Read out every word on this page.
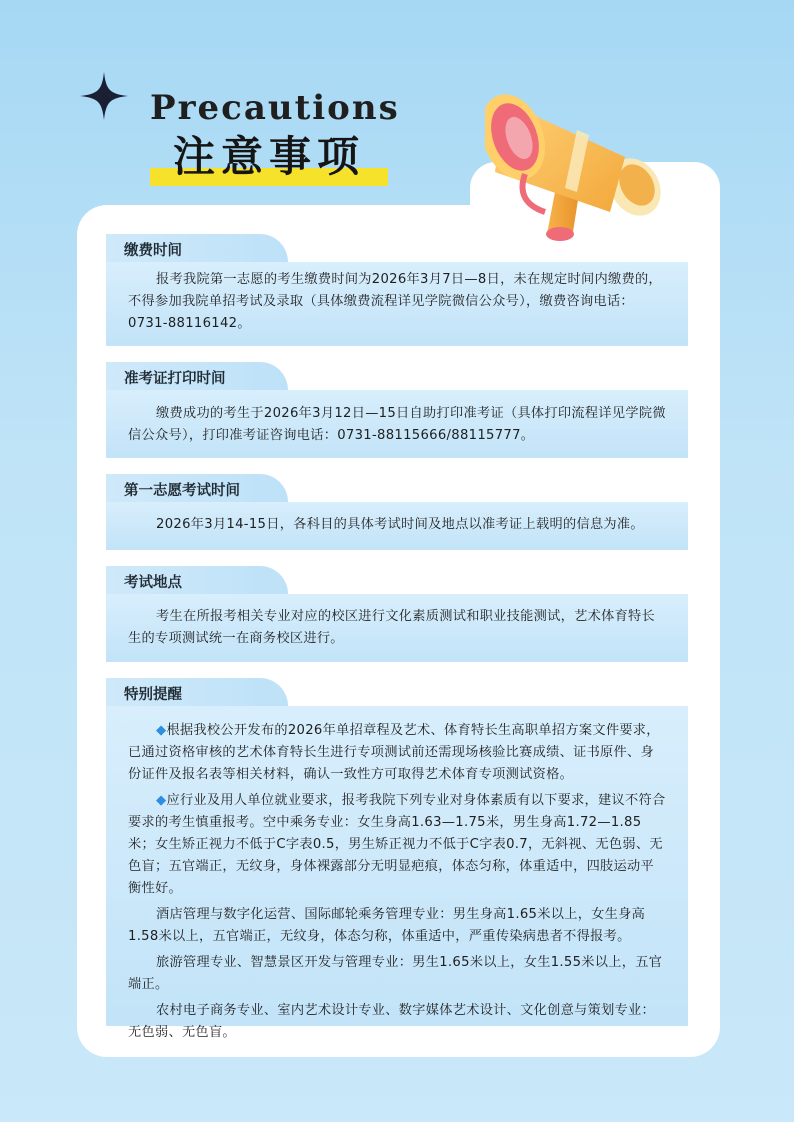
Precautions
注意事项
缴费时间

报考我院第一志愿的考生缴费时间为2026年3月7日—8日，未在规定时间内缴费的，不得参加我院单招考试及录取（具体缴费流程详见学院微信公众号），缴费咨询电话：0731-88116142。

准考证打印时间

缴费成功的考生于2026年3月12日—15日自助打印准考证（具体打印流程详见学院微信公众号），打印准考证咨询电话：0731-88115666/88115777。

第一志愿考试时间

2026年3月14-15日，各科目的具体考试时间及地点以准考证上载明的信息为准。

考试地点

考生在所报考相关专业对应的校区进行文化素质测试和职业技能测试，艺术体育特长生的专项测试统一在商务校区进行。

特别提醒

◆根据我校公开发布的2026年单招章程及艺术、体育特长生高职单招方案文件要求，已通过资格审核的艺术体育特长生进行专项测试前还需现场核验比赛成绩、证书原件、身份证件及报名表等相关材料，确认一致性方可取得艺术体育专项测试资格。

◆应行业及用人单位就业要求，报考我院下列专业对身体素质有以下要求，建议不符合要求的考生慎重报考。空中乘务专业：女生身高1.63—1.75米，男生身高1.72—1.85米；女生矫正视力不低于C字表0.5，男生矫正视力不低于C字表0.7，无斜视、无色弱、无色盲；五官端正，无纹身，身体裸露部分无明显疤痕，体态匀称，体重适中，四肢运动平衡性好。

酒店管理与数字化运营、国际邮轮乘务管理专业：男生身高1.65米以上，女生身高1.58米以上，五官端正，无纹身，体态匀称，体重适中，严重传染病患者不得报考。

旅游管理专业、智慧景区开发与管理专业：男生1.65米以上，女生1.55米以上，五官端正。

农村电子商务专业、室内艺术设计专业、数字媒体艺术设计、文化创意与策划专业：无色弱、无色盲。
